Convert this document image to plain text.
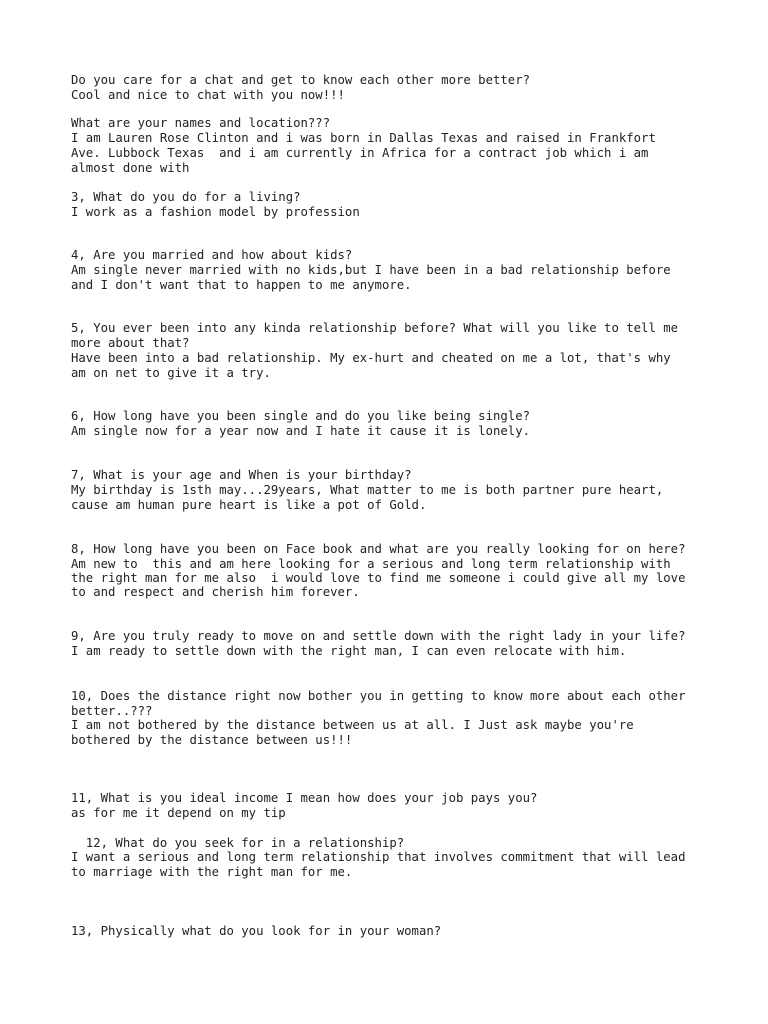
Do you care for a chat and get to know each other more better?

Cool and nice to chat with you now!!!

What are your names and location???

I am Lauren Rose Clinton and i was born in Dallas Texas and raised in Frankfort

Ave. Lubbock Texas  and i am currently in Africa for a contract job which i am

almost done with

3, What do you do for a living?

I work as a fashion model by profession

4, Are you married and how about kids?

Am single never married with no kids,but I have been in a bad relationship before

and I don't want that to happen to me anymore.

5, You ever been into any kinda relationship before? What will you like to tell me

more about that?

Have been into a bad relationship. My ex-hurt and cheated on me a lot, that's why

am on net to give it a try.

6, How long have you been single and do you like being single?

Am single now for a year now and I hate it cause it is lonely.

7, What is your age and When is your birthday?

My birthday is 1sth may...29years, What matter to me is both partner pure heart,

cause am human pure heart is like a pot of Gold.

8, How long have you been on Face book and what are you really looking for on here?

Am new to  this and am here looking for a serious and long term relationship with

the right man for me also  i would love to find me someone i could give all my love

to and respect and cherish him forever.

9, Are you truly ready to move on and settle down with the right lady in your life?

I am ready to settle down with the right man, I can even relocate with him.

10, Does the distance right now bother you in getting to know more about each other

better..???

I am not bothered by the distance between us at all. I Just ask maybe you're

bothered by the distance between us!!!

11, What is you ideal income I mean how does your job pays you?

as for me it depend on my tip

12, What do you seek for in a relationship?

I want a serious and long term relationship that involves commitment that will lead

to marriage with the right man for me.

13, Physically what do you look for in your woman?
